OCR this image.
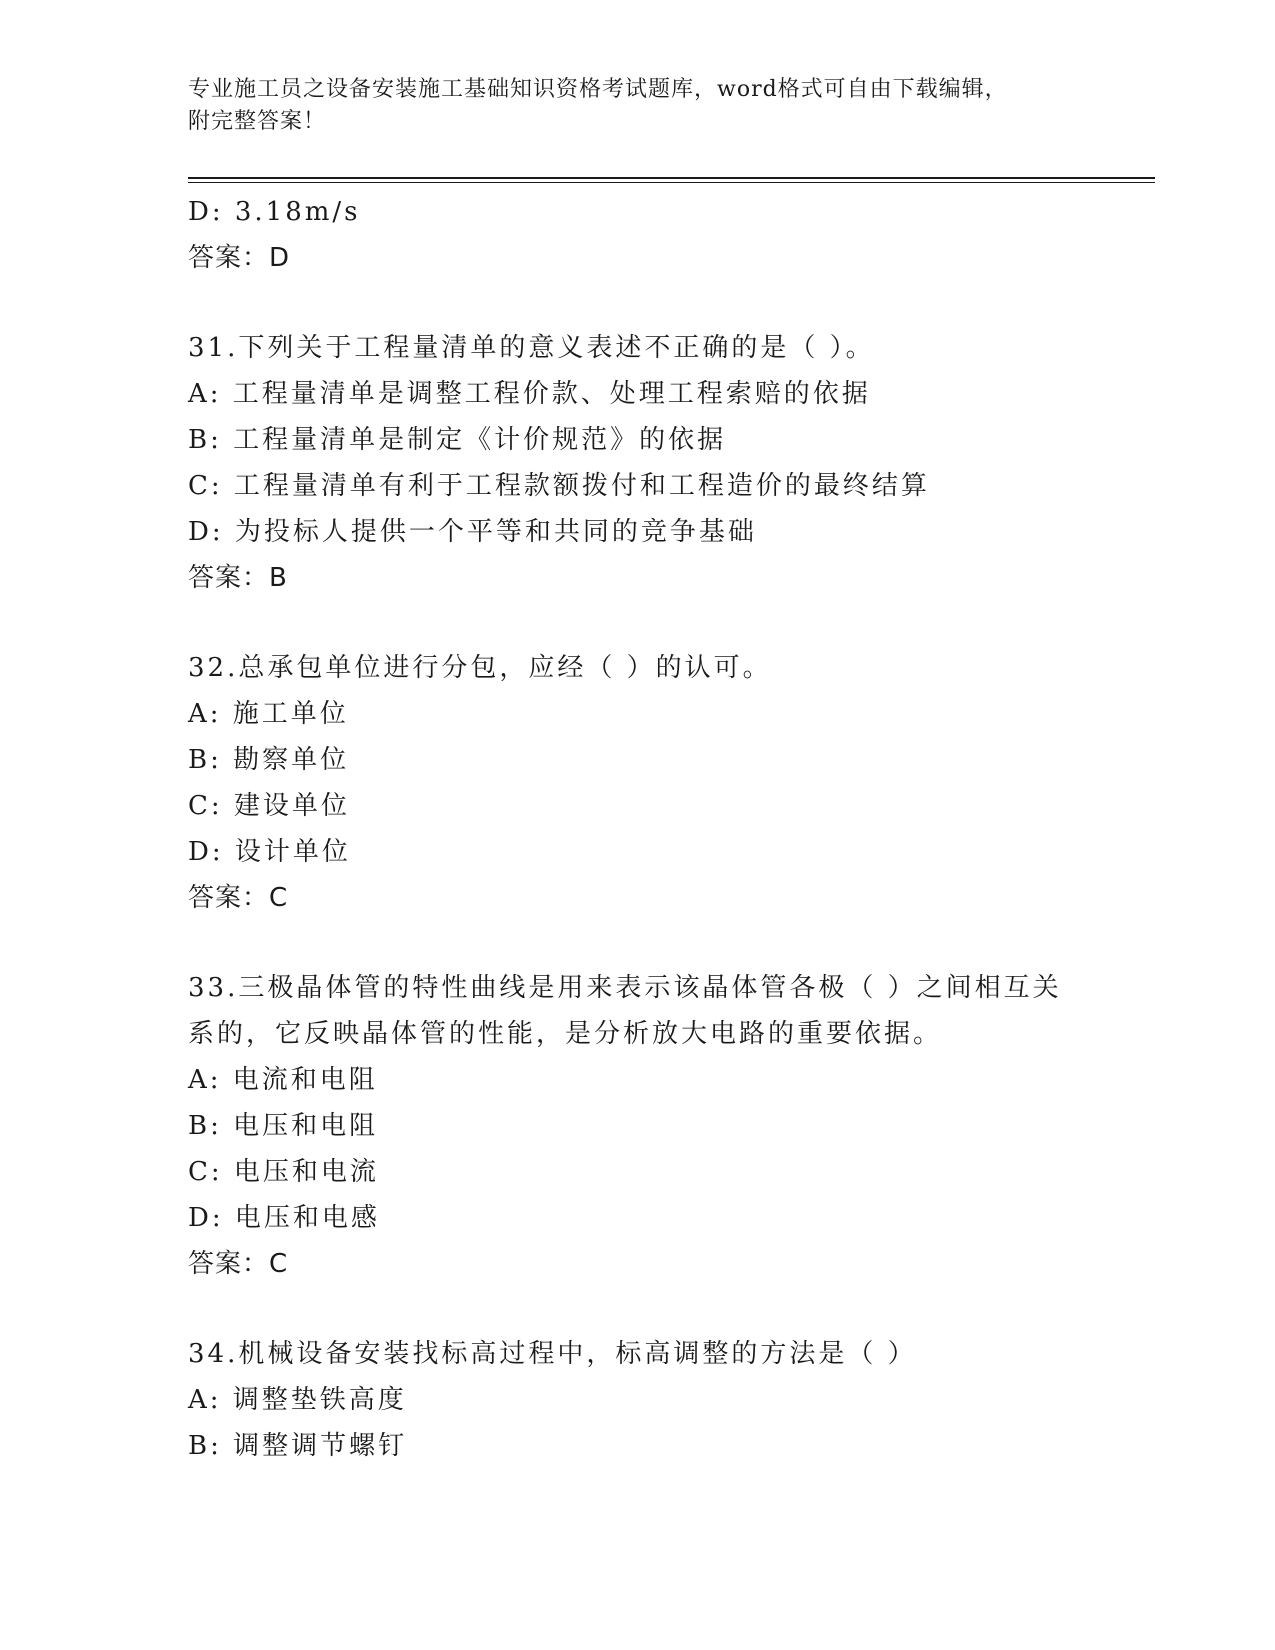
专业施工员之设备安装施工基础知识资格考试题库，word格式可自由下载编辑，
附完整答案！
D: 3.18m/s
答案：D
31.下列关于工程量清单的意义表述不正确的是（ ）。
A: 工程量清单是调整工程价款、处理工程索赔的依据
B: 工程量清单是制定《计价规范》的依据
C: 工程量清单有利于工程款额拨付和工程造价的最终结算
D: 为投标人提供一个平等和共同的竞争基础
答案：B
32.总承包单位进行分包，应经（ ）的认可。
A: 施工单位
B: 勘察单位
C: 建设单位
D: 设计单位
答案：C
33.三极晶体管的特性曲线是用来表示该晶体管各极（ ）之间相互关
系的，它反映晶体管的性能，是分析放大电路的重要依据。
A: 电流和电阻
B: 电压和电阻
C: 电压和电流
D: 电压和电感
答案：C
34.机械设备安装找标高过程中，标高调整的方法是（ ）
A: 调整垫铁高度
B: 调整调节螺钉
